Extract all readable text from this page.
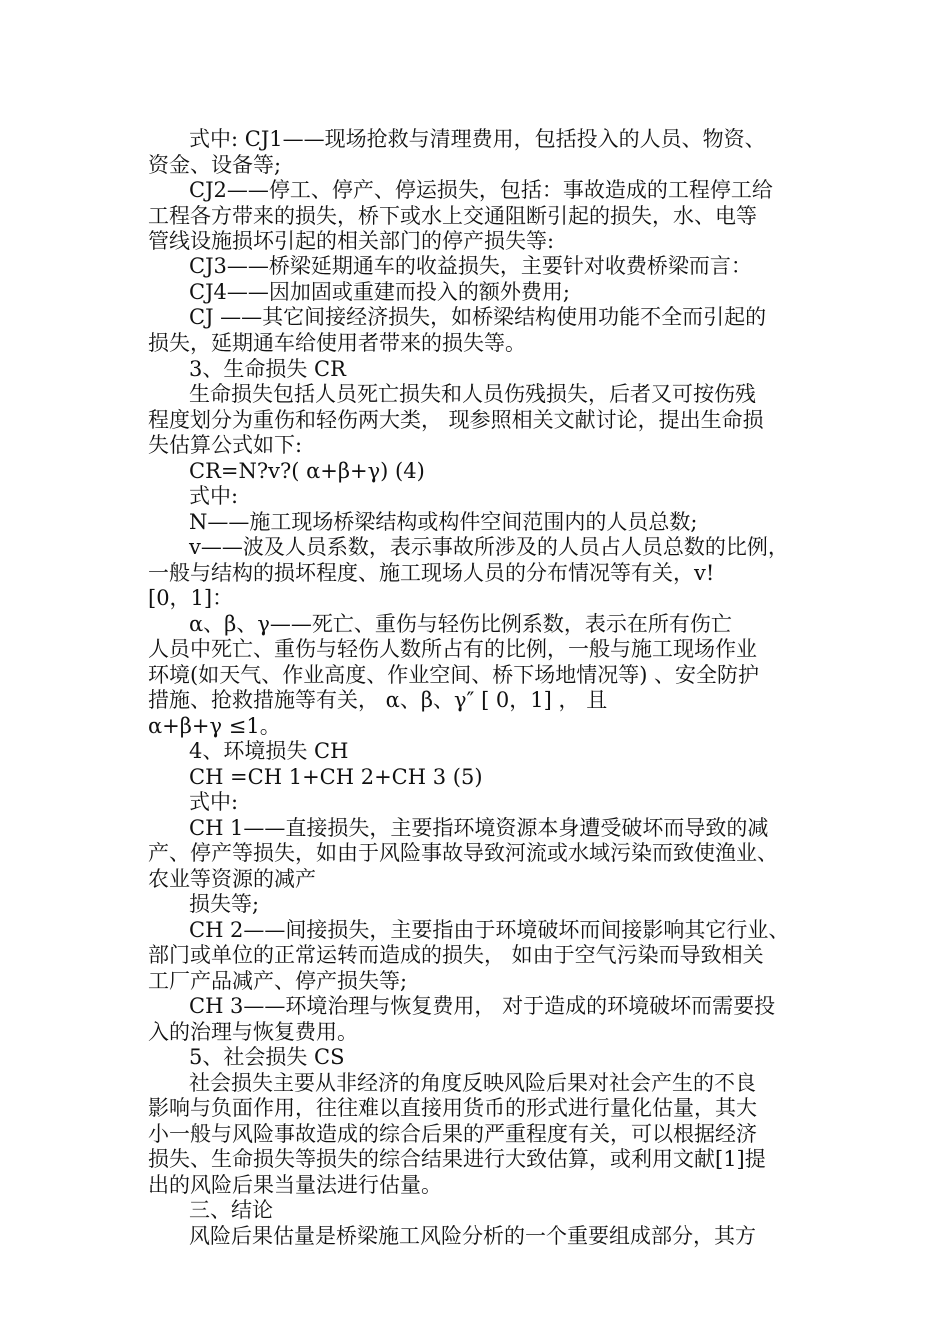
式中: CJ1——现场抢救与清理费用，包括投入的人员、物资、
资金、设备等;
CJ2——停工、停产、停运损失，包括：事故造成的工程停工给
工程各方带来的损失，桥下或水上交通阻断引起的损失，水、电等
管线设施损坏引起的相关部门的停产损失等:
CJ3——桥梁延期通车的收益损失，主要针对收费桥梁而言：
CJ4——因加固或重建而投入的额外费用;
CJ ——其它间接经济损失，如桥梁结构使用功能不全而引起的
损失，延期通车给使用者带来的损失等。
3、生命损失 CR
生命损失包括人员死亡损失和人员伤残损失，后者又可按伤残
程度划分为重伤和轻伤两大类， 现参照相关文献讨论，提出生命损
失估算公式如下:
CR=N?v?( α+β+γ) (4)
式中:
N——施工现场桥梁结构或构件空间范围内的人员总数;
v——波及人员系数，表示事故所涉及的人员占人员总数的比例，
一般与结构的损坏程度、施工现场人员的分布情况等有关，v!
[0，1]：
α、β、γ——死亡、重伤与轻伤比例系数，表示在所有伤亡
人员中死亡、重伤与轻伤人数所占有的比例，一般与施工现场作业
环境(如天气、作业高度、作业空间、桥下场地情况等) 、安全防护
措施、抢救措施等有关， α、β、γ″ [ 0，1] ， 且
α+β+γ ≤1。
4、环境损失 CH
CH =CH 1+CH 2+CH 3 (5)
式中:
CH 1——直接损失，主要指环境资源本身遭受破坏而导致的减
产、停产等损失，如由于风险事故导致河流或水域污染而致使渔业、
农业等资源的减产
损失等;
CH 2——间接损失，主要指由于环境破坏而间接影响其它行业、
部门或单位的正常运转而造成的损失， 如由于空气污染而导致相关
工厂产品减产、停产损失等;
CH 3——环境治理与恢复费用， 对于造成的环境破坏而需要投
入的治理与恢复费用。
5、社会损失 CS
社会损失主要从非经济的角度反映风险后果对社会产生的不良
影响与负面作用，往往难以直接用货币的形式进行量化估量，其大
小一般与风险事故造成的综合后果的严重程度有关，可以根据经济
损失、生命损失等损失的综合结果进行大致估算，或利用文献[1]提
出的风险后果当量法进行估量。
三、结论
风险后果估量是桥梁施工风险分析的一个重要组成部分，其方
